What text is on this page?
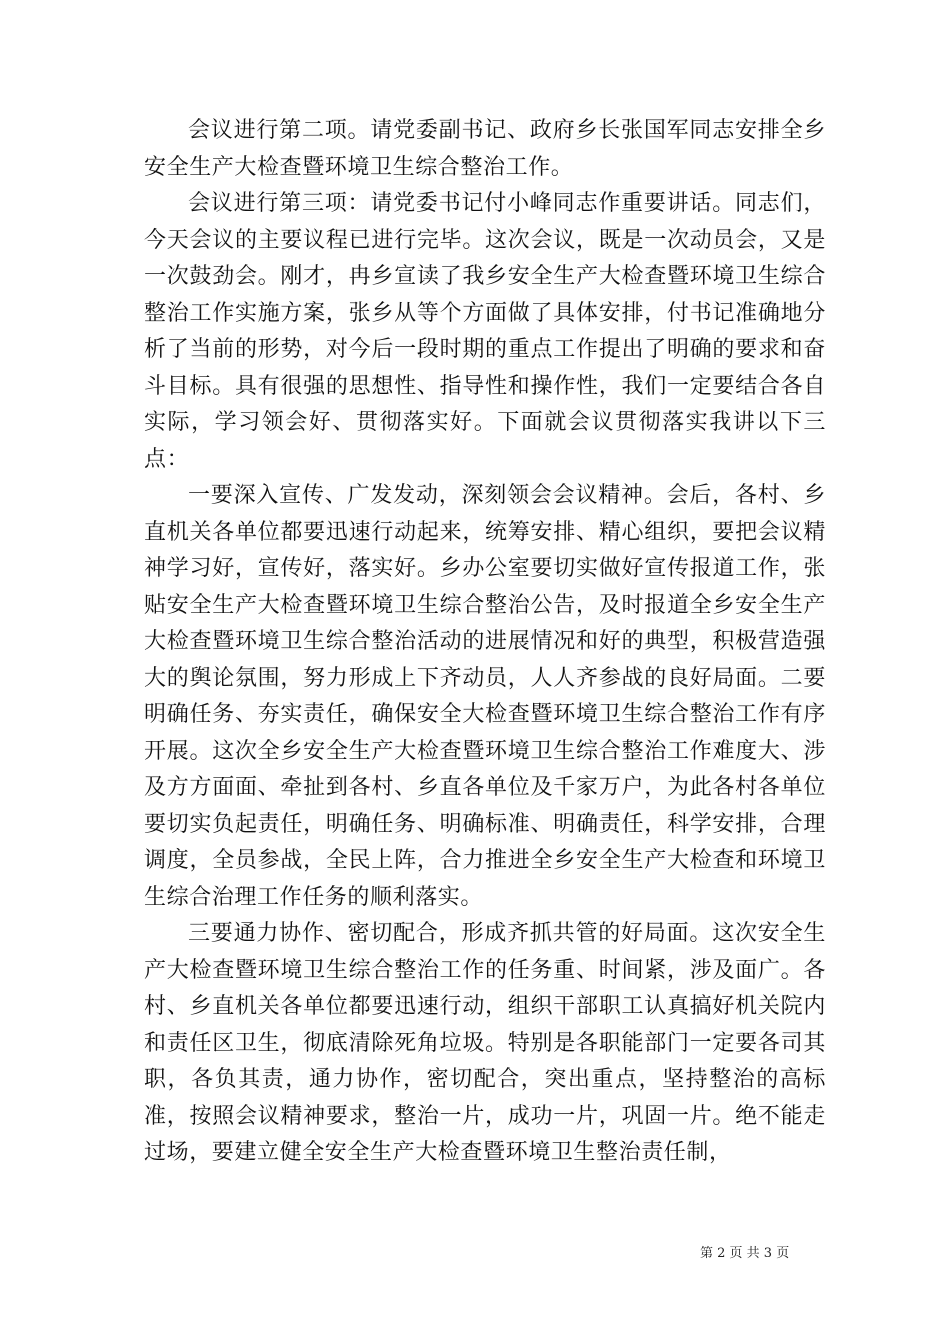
会议进行第二项。请党委副书记、政府乡长张国军同志安排全乡安全生产大检查暨环境卫生综合整治工作。

会议进行第三项：请党委书记付小峰同志作重要讲话。同志们，今天会议的主要议程已进行完毕。这次会议，既是一次动员会，又是一次鼓劲会。刚才，冉乡宣读了我乡安全生产大检查暨环境卫生综合整治工作实施方案，张乡从等个方面做了具体安排，付书记准确地分析了当前的形势，对今后一段时期的重点工作提出了明确的要求和奋斗目标。具有很强的思想性、指导性和操作性，我们一定要结合各自实际，学习领会好、贯彻落实好。下面就会议贯彻落实我讲以下三点：

一要深入宣传、广发发动，深刻领会会议精神。会后，各村、乡直机关各单位都要迅速行动起来，统筹安排、精心组织，要把会议精神学习好，宣传好，落实好。乡办公室要切实做好宣传报道工作，张贴安全生产大检查暨环境卫生综合整治公告，及时报道全乡安全生产大检查暨环境卫生综合整治活动的进展情况和好的典型，积极营造强大的舆论氛围，努力形成上下齐动员，人人齐参战的良好局面。二要明确任务、夯实责任，确保安全大检查暨环境卫生综合整治工作有序开展。这次全乡安全生产大检查暨环境卫生综合整治工作难度大、涉及方方面面、牵扯到各村、乡直各单位及千家万户，为此各村各单位要切实负起责任，明确任务、明确标准、明确责任，科学安排，合理调度，全员参战，全民上阵，合力推进全乡安全生产大检查和环境卫生综合治理工作任务的顺利落实。

三要通力协作、密切配合，形成齐抓共管的好局面。这次安全生产大检查暨环境卫生综合整治工作的任务重、时间紧，涉及面广。各村、乡直机关各单位都要迅速行动，组织干部职工认真搞好机关院内和责任区卫生，彻底清除死角垃圾。特别是各职能部门一定要各司其职，各负其责，通力协作，密切配合，突出重点，坚持整治的高标准，按照会议精神要求，整治一片，成功一片，巩固一片。绝不能走过场，要建立健全安全生产大检查暨环境卫生整治责任制，

第 2 页 共 3 页
